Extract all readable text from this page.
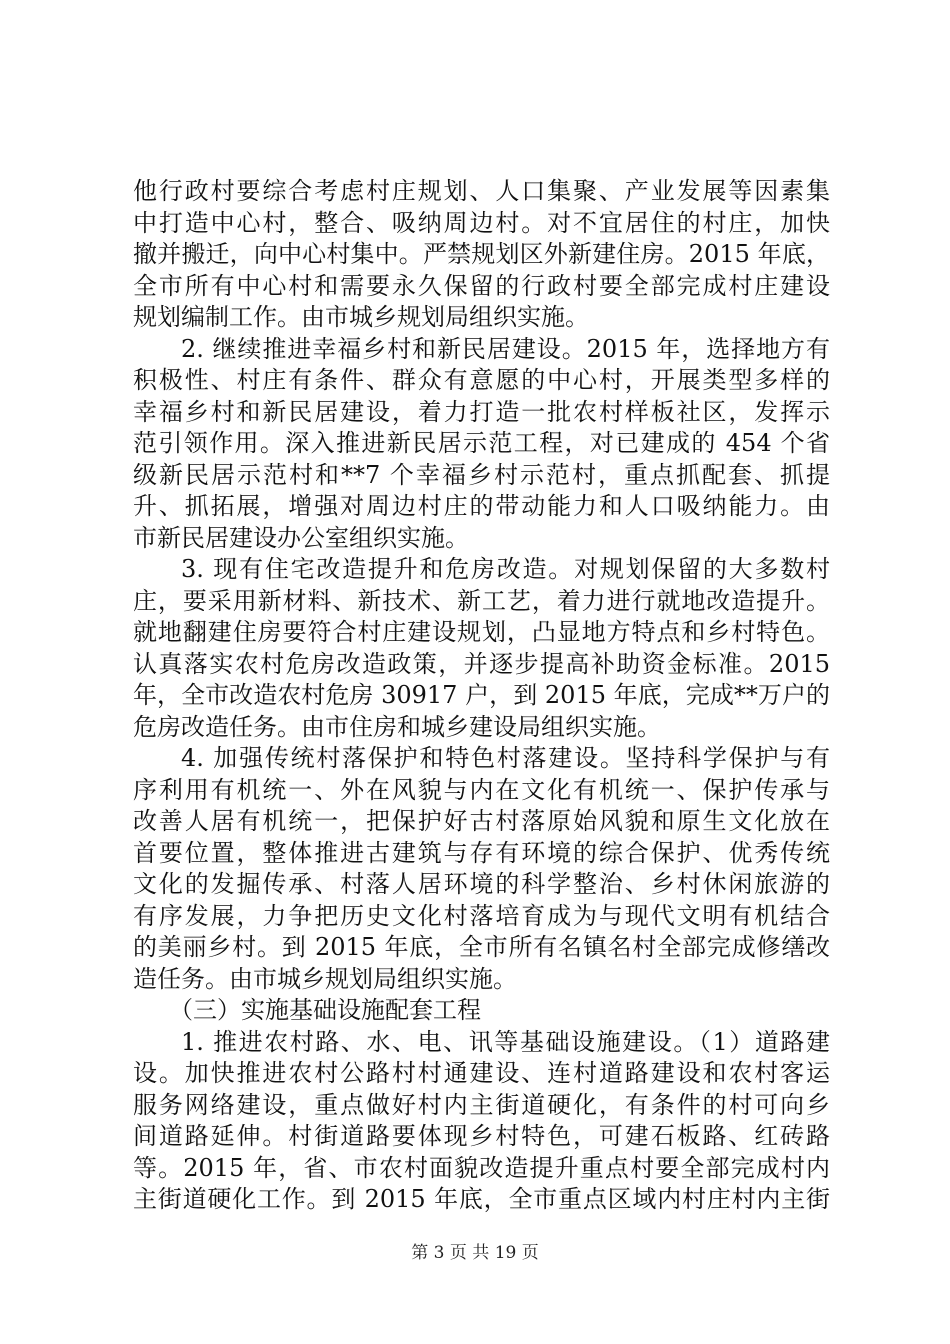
他行政村要综合考虑村庄规划、人口集聚、产业发展等因素集
中打造中心村，整合、吸纳周边村。对不宜居住的村庄，加快
撤并搬迁，向中心村集中。严禁规划区外新建住房。2015 年底，
全市所有中心村和需要永久保留的行政村要全部完成村庄建设
规划编制工作。由市城乡规划局组织实施。
2. 继续推进幸福乡村和新民居建设。2015 年，选择地方有
积极性、村庄有条件、群众有意愿的中心村，开展类型多样的
幸福乡村和新民居建设，着力打造一批农村样板社区，发挥示
范引领作用。深入推进新民居示范工程，对已建成的 454 个省
级新民居示范村和**7 个幸福乡村示范村，重点抓配套、抓提
升、抓拓展，增强对周边村庄的带动能力和人口吸纳能力。由
市新民居建设办公室组织实施。
3. 现有住宅改造提升和危房改造。对规划保留的大多数村
庄，要采用新材料、新技术、新工艺，着力进行就地改造提升。
就地翻建住房要符合村庄建设规划，凸显地方特点和乡村特色。
认真落实农村危房改造政策，并逐步提高补助资金标准。2015
年，全市改造农村危房 30917 户，到 2015 年底，完成**万户的
危房改造任务。由市住房和城乡建设局组织实施。
4. 加强传统村落保护和特色村落建设。坚持科学保护与有
序利用有机统一、外在风貌与内在文化有机统一、保护传承与
改善人居有机统一，把保护好古村落原始风貌和原生文化放在
首要位置，整体推进古建筑与存有环境的综合保护、优秀传统
文化的发掘传承、村落人居环境的科学整治、乡村休闲旅游的
有序发展，力争把历史文化村落培育成为与现代文明有机结合
的美丽乡村。到 2015 年底，全市所有名镇名村全部完成修缮改
造任务。由市城乡规划局组织实施。
（三）实施基础设施配套工程
1. 推进农村路、水、电、讯等基础设施建设。（1）道路建
设。加快推进农村公路村村通建设、连村道路建设和农村客运
服务网络建设，重点做好村内主街道硬化，有条件的村可向乡
间道路延伸。村街道路要体现乡村特色，可建石板路、红砖路
等。2015 年，省、市农村面貌改造提升重点村要全部完成村内
主街道硬化工作。到 2015 年底，全市重点区域内村庄村内主街
第 3 页 共 19 页
